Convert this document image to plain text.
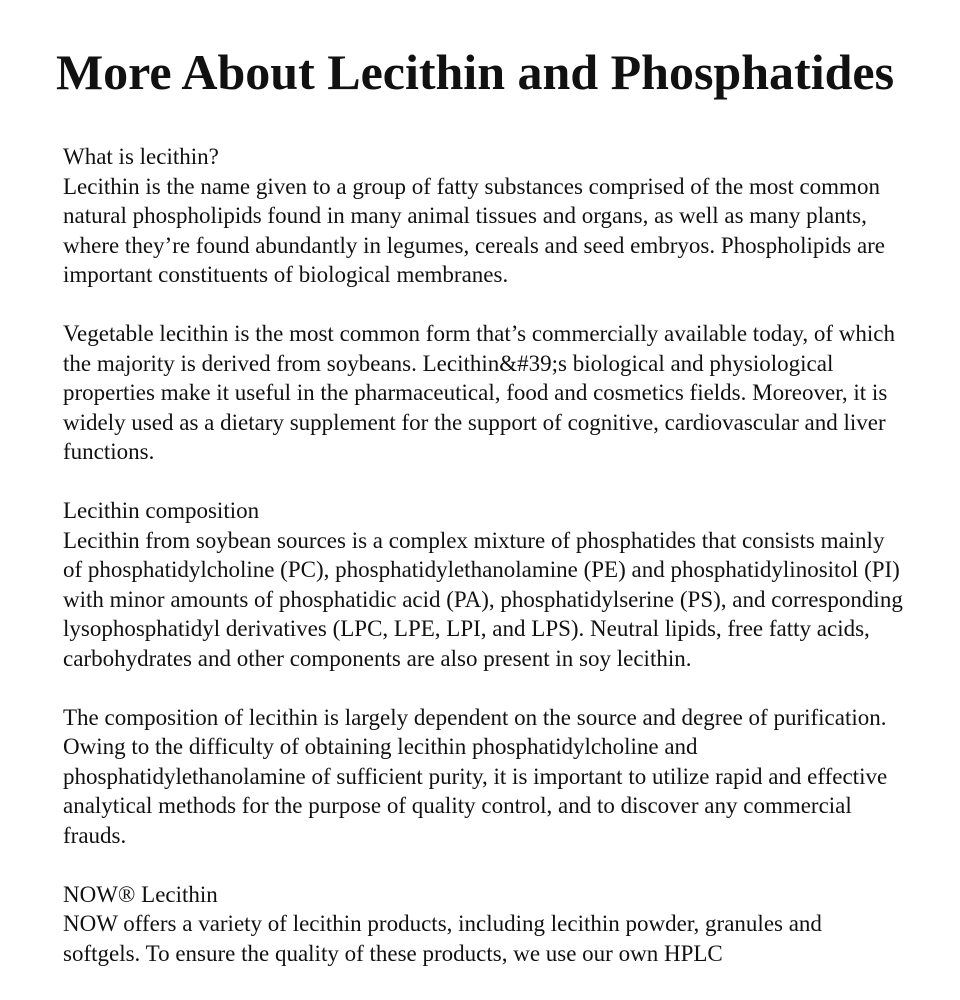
More About Lecithin and Phosphatides
What is lecithin?

Lecithin is the name given to a group of fatty substances comprised of the most common natural phospholipids found in many animal tissues and organs, as well as many plants, where they’re found abundantly in legumes, cereals and seed embryos. Phospholipids are important constituents of biological membranes.

Vegetable lecithin is the most common form that’s commercially available today, of which the majority is derived from soybeans. Lecithin&#39;s biological and physiological properties make it useful in the pharmaceutical, food and cosmetics fields. Moreover, it is widely used as a dietary supplement for the support of cognitive, cardiovascular and liver functions.

Lecithin composition

Lecithin from soybean sources is a complex mixture of phosphatides that consists mainly of phosphatidylcholine (PC), phosphatidylethanolamine (PE) and phosphatidylinositol (PI) with minor amounts of phosphatidic acid (PA), phosphatidylserine (PS), and corresponding lysophosphatidyl derivatives (LPC, LPE, LPI, and LPS). Neutral lipids, free fatty acids, carbohydrates and other components are also present in soy lecithin.

The composition of lecithin is largely dependent on the source and degree of purification. Owing to the difficulty of obtaining lecithin phosphatidylcholine and phosphatidylethanolamine of sufficient purity, it is important to utilize rapid and effective analytical methods for the purpose of quality control, and to discover any commercial frauds.

NOW® Lecithin

NOW offers a variety of lecithin products, including lecithin powder, granules and softgels. To ensure the quality of these products, we use our own HPLC
